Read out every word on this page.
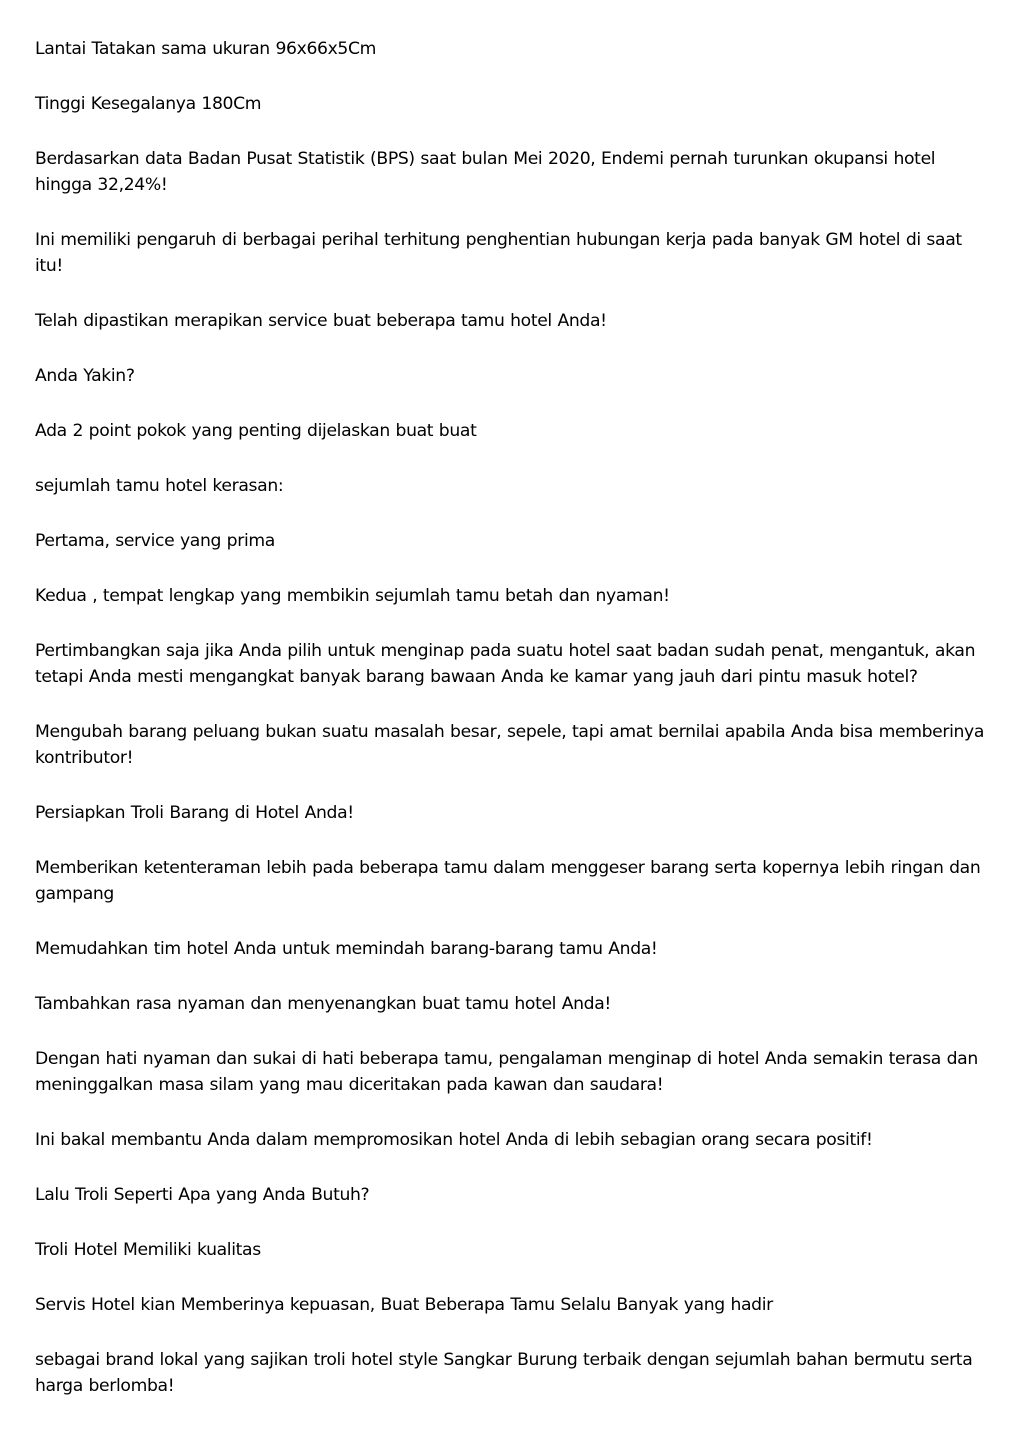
Lantai Tatakan sama ukuran 96x66x5Cm

Tinggi Kesegalanya 180Cm

Berdasarkan data Badan Pusat Statistik (BPS) saat bulan Mei 2020, Endemi pernah turunkan okupansi hotel hingga 32,24%!

Ini memiliki pengaruh di berbagai perihal terhitung penghentian hubungan kerja pada banyak GM hotel di saat itu!

Telah dipastikan merapikan service buat beberapa tamu hotel Anda!

Anda Yakin?

Ada 2 point pokok yang penting dijelaskan buat buat

sejumlah tamu hotel kerasan:

Pertama, service yang prima

Kedua , tempat lengkap yang membikin sejumlah tamu betah dan nyaman!

Pertimbangkan saja jika Anda pilih untuk menginap pada suatu hotel saat badan sudah penat, mengantuk, akan tetapi Anda mesti mengangkat banyak barang bawaan Anda ke kamar yang jauh dari pintu masuk hotel?

Mengubah barang peluang bukan suatu masalah besar, sepele, tapi amat bernilai apabila Anda bisa memberinya kontributor!

Persiapkan Troli Barang di Hotel Anda!

Memberikan ketenteraman lebih pada beberapa tamu dalam menggeser barang serta kopernya lebih ringan dan gampang

Memudahkan tim hotel Anda untuk memindah barang-barang tamu Anda!

Tambahkan rasa nyaman dan menyenangkan buat tamu hotel Anda!

Dengan hati nyaman dan sukai di hati beberapa tamu, pengalaman menginap di hotel Anda semakin terasa dan meninggalkan masa silam yang mau diceritakan pada kawan dan saudara!

Ini bakal membantu Anda dalam mempromosikan hotel Anda di lebih sebagian orang secara positif!

Lalu Troli Seperti Apa yang Anda Butuh?

Troli Hotel Memiliki kualitas

Servis Hotel kian Memberinya kepuasan, Buat Beberapa Tamu Selalu Banyak yang hadir

sebagai brand lokal yang sajikan troli hotel style Sangkar Burung terbaik dengan sejumlah bahan bermutu serta harga berlomba!
